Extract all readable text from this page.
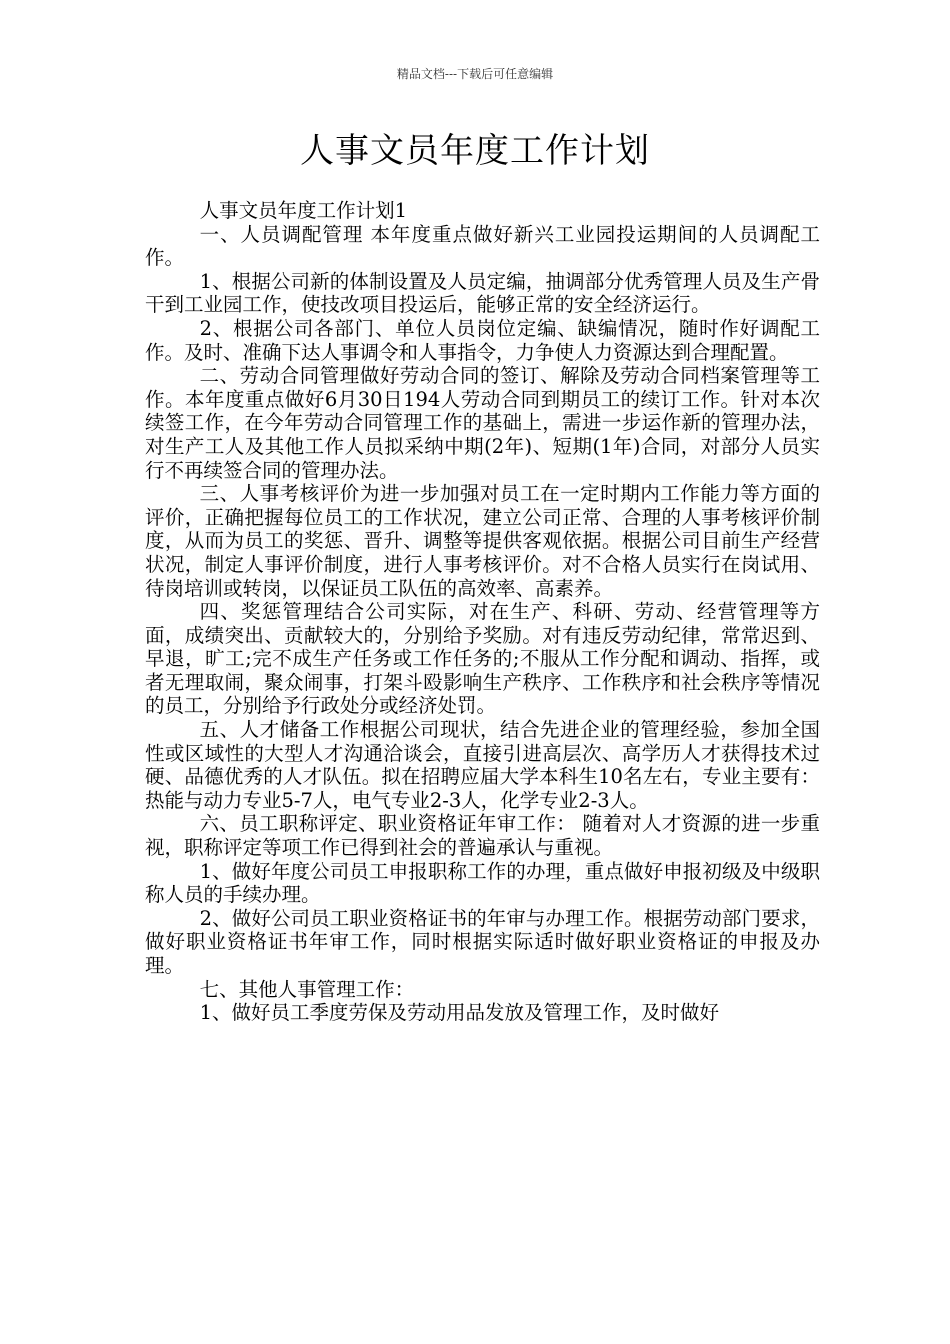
精品文档---下载后可任意编辑
人事文员年度工作计划

人事文员年度工作计划1

一、人员调配管理 本年度重点做好新兴工业园投运期间的人员调配工作。

1、根据公司新的体制设置及人员定编，抽调部分优秀管理人员及生产骨干到工业园工作，使技改项目投运后，能够正常的安全经济运行。

2、根据公司各部门、单位人员岗位定编、缺编情况，随时作好调配工作。及时、准确下达人事调令和人事指令，力争使人力资源达到合理配置。

二、劳动合同管理做好劳动合同的签订、解除及劳动合同档案管理等工作。本年度重点做好6月30日194人劳动合同到期员工的续订工作。针对本次续签工作，在今年劳动合同管理工作的基础上，需进一步运作新的管理办法，对生产工人及其他工作人员拟采纳中期(2年)、短期(1年)合同，对部分人员实行不再续签合同的管理办法。

三、人事考核评价为进一步加强对员工在一定时期内工作能力等方面的评价，正确把握每位员工的工作状况，建立公司正常、合理的人事考核评价制度，从而为员工的奖惩、晋升、调整等提供客观依据。根据公司目前生产经营状况，制定人事评价制度，进行人事考核评价。对不合格人员实行在岗试用、待岗培训或转岗，以保证员工队伍的高效率、高素养。

四、奖惩管理结合公司实际，对在生产、科研、劳动、经营管理等方面，成绩突出、贡献较大的，分别给予奖励。对有违反劳动纪律，常常迟到、早退，旷工;完不成生产任务或工作任务的;不服从工作分配和调动、指挥，或者无理取闹，聚众闹事，打架斗殴影响生产秩序、工作秩序和社会秩序等情况的员工，分别给予行政处分或经济处罚。

五、人才储备工作根据公司现状，结合先进企业的管理经验，参加全国性或区域性的大型人才沟通洽谈会，直接引进高层次、高学历人才获得技术过硬、品德优秀的人才队伍。拟在招聘应届大学本科生10名左右，专业主要有：热能与动力专业5-7人，电气专业2-3人，化学专业2-3人。

六、员工职称评定、职业资格证年审工作： 随着对人才资源的进一步重视，职称评定等项工作已得到社会的普遍承认与重视。

1、做好年度公司员工申报职称工作的办理，重点做好申报初级及中级职称人员的手续办理。

2、做好公司员工职业资格证书的年审与办理工作。根据劳动部门要求，做好职业资格证书年审工作，同时根据实际适时做好职业资格证的申报及办理。

七、其他人事管理工作：

1、做好员工季度劳保及劳动用品发放及管理工作，及时做好
